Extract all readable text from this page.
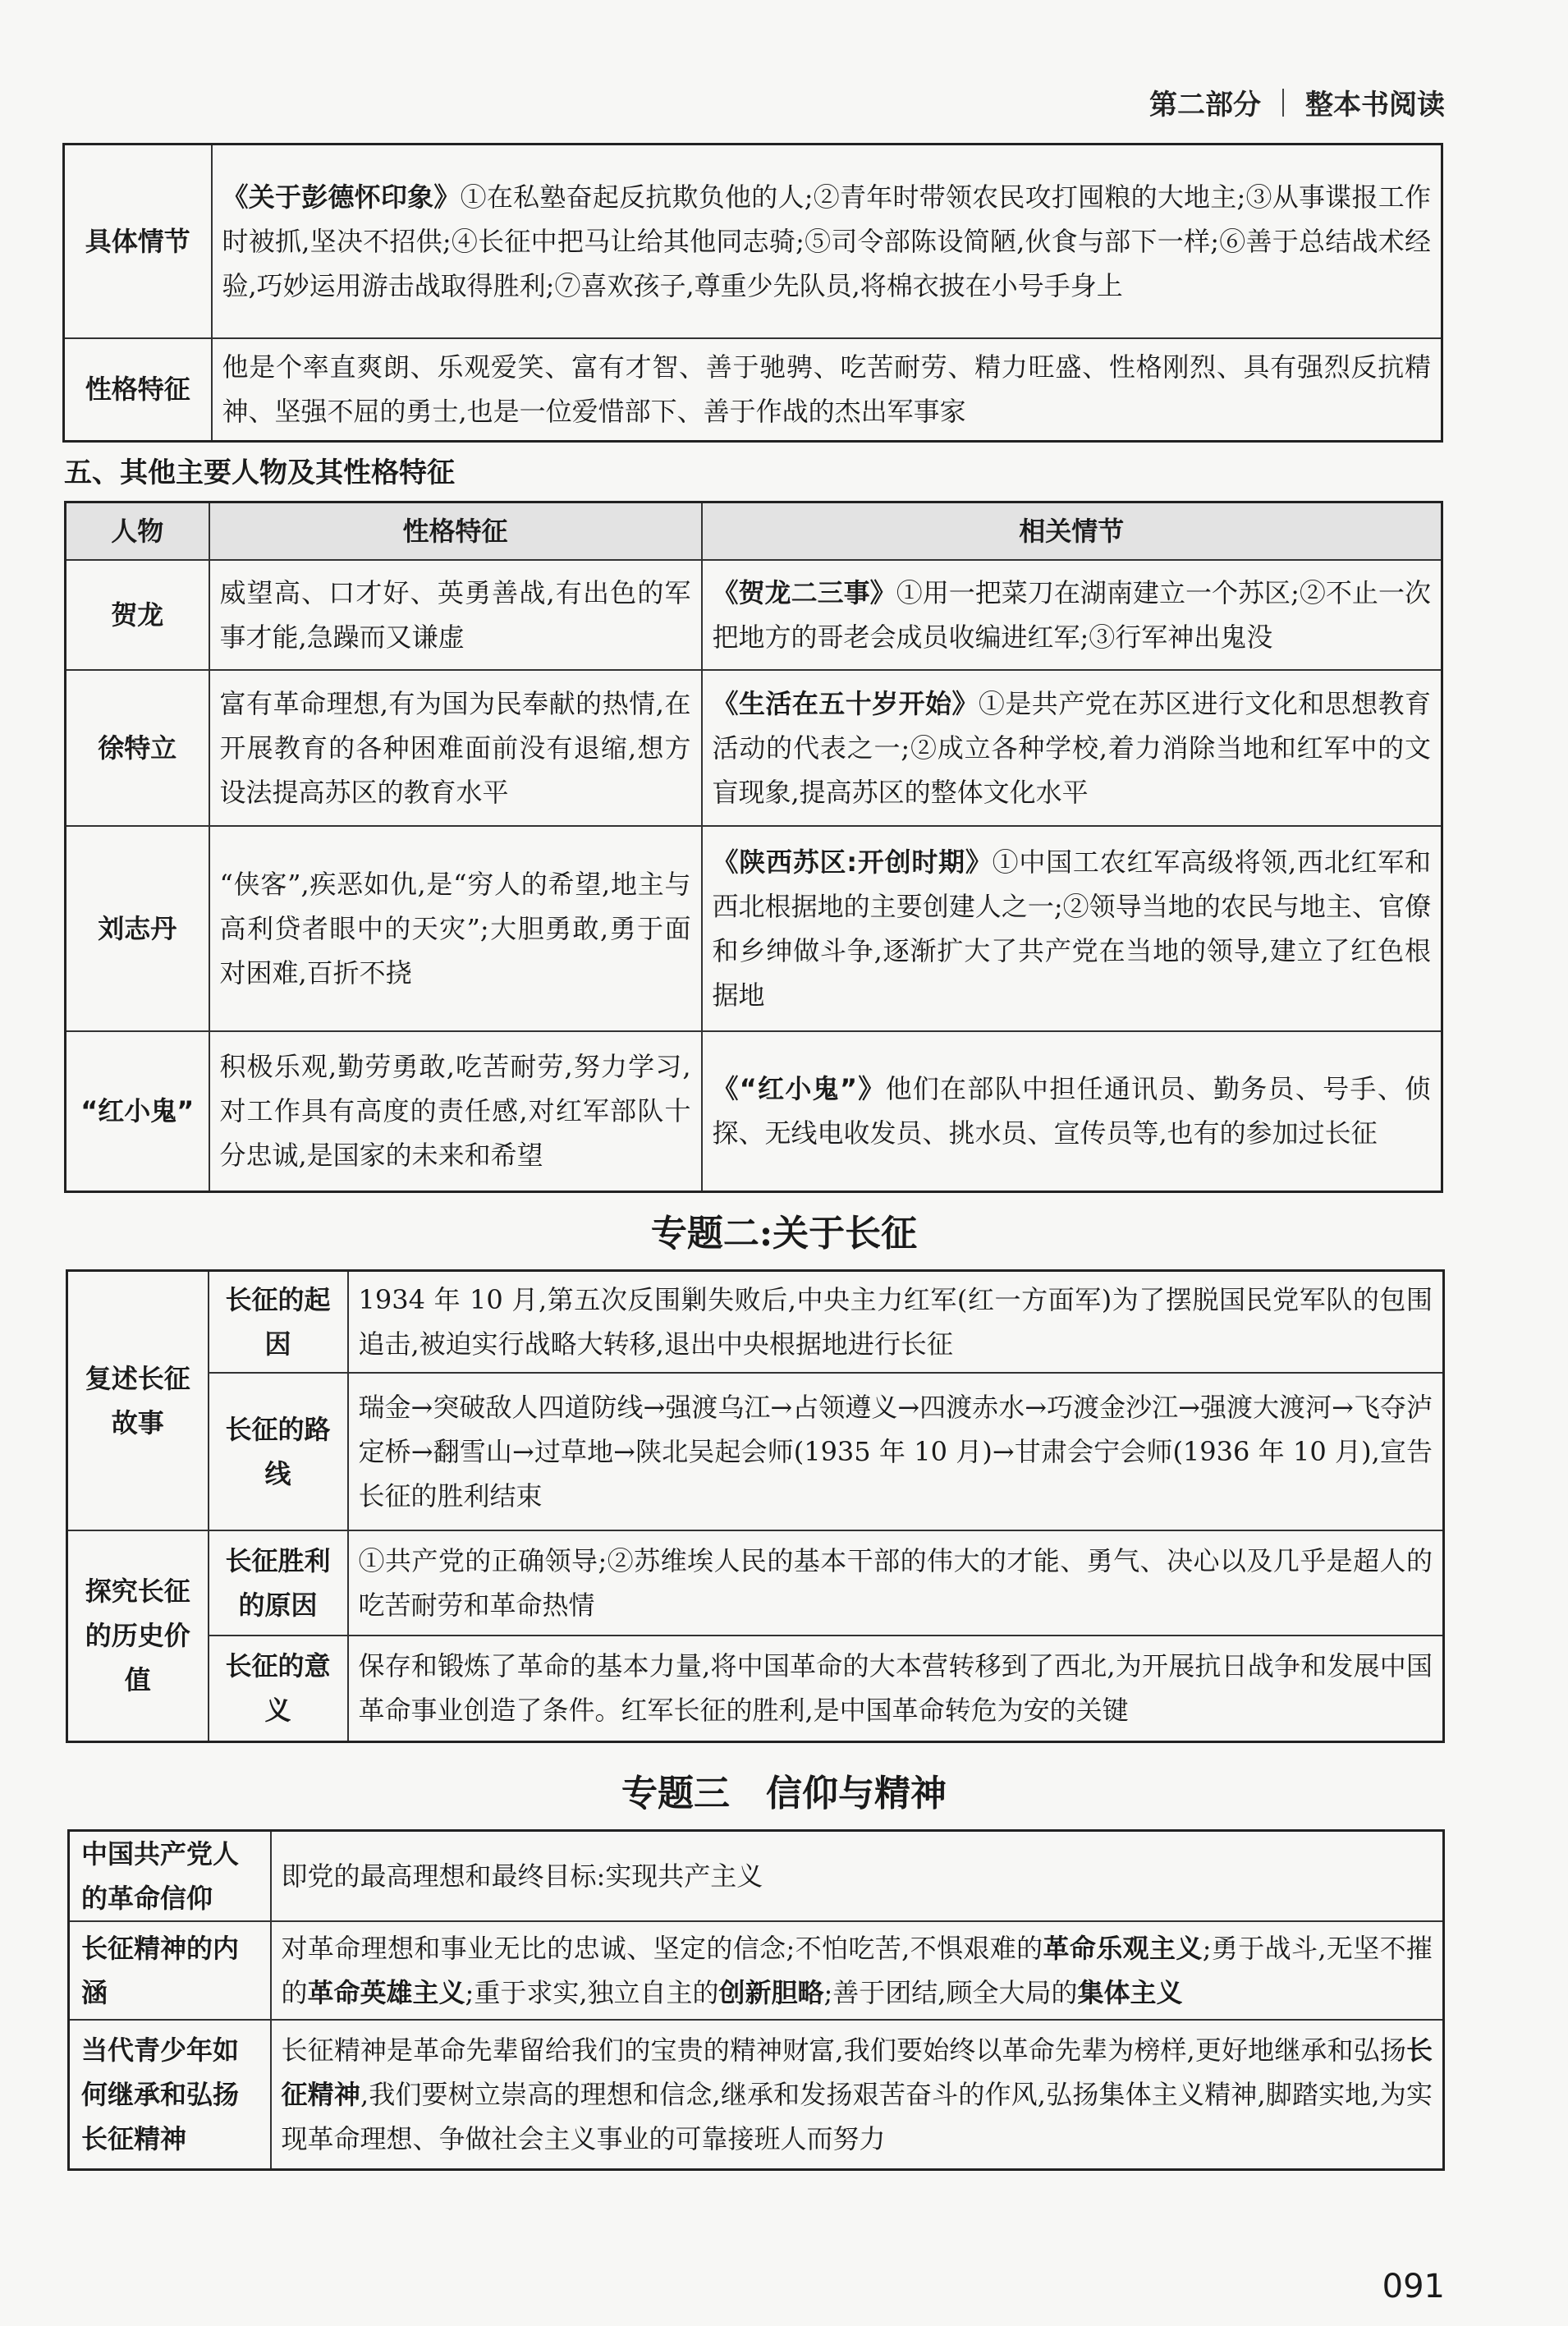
第二部分 整本书阅读
具体情节	《关于彭德怀印象》①在私塾奋起反抗欺负他的人;②青年时带领农民攻打囤粮的大地主;③从事谍报工作时被抓,坚决不招供;④长征中把马让给其他同志骑;⑤司令部陈设简陋,伙食与部下一样;⑥善于总结战术经验,巧妙运用游击战取得胜利;⑦喜欢孩子,尊重少先队员,将棉衣披在小号手身上
性格特征	他是个率直爽朗、乐观爱笑、富有才智、善于驰骋、吃苦耐劳、精力旺盛、性格刚烈、具有强烈反抗精神、坚强不屈的勇士,也是一位爱惜部下、善于作战的杰出军事家
五、其他主要人物及其性格特征
人物	性格特征	相关情节
贺龙	威望高、口才好、英勇善战,有出色的军事才能,急躁而又谦虚	《贺龙二三事》①用一把菜刀在湖南建立一个苏区;②不止一次把地方的哥老会成员收编进红军;③行军神出鬼没
徐特立	富有革命理想,有为国为民奉献的热情,在开展教育的各种困难面前没有退缩,想方设法提高苏区的教育水平	《生活在五十岁开始》①是共产党在苏区进行文化和思想教育活动的代表之一;②成立各种学校,着力消除当地和红军中的文盲现象,提高苏区的整体文化水平
刘志丹	“侠客”,疾恶如仇,是“穷人的希望,地主与高利贷者眼中的天灾”;大胆勇敢,勇于面对困难,百折不挠	《陕西苏区:开创时期》①中国工农红军高级将领,西北红军和西北根据地的主要创建人之一;②领导当地的农民与地主、官僚和乡绅做斗争,逐渐扩大了共产党在当地的领导,建立了红色根据地
“红小鬼”	积极乐观,勤劳勇敢,吃苦耐劳,努力学习,对工作具有高度的责任感,对红军部队十分忠诚,是国家的未来和希望	《“红小鬼”》他们在部队中担任通讯员、勤务员、号手、侦探、无线电收发员、挑水员、宣传员等,也有的参加过长征
专题二:关于长征
复述长征故事	长征的起因	1934 年 10 月,第五次反围剿失败后,中央主力红军(红一方面军)为了摆脱国民党军队的包围追击,被迫实行战略大转移,退出中央根据地进行长征
	长征的路线	瑞金→突破敌人四道防线→强渡乌江→占领遵义→四渡赤水→巧渡金沙江→强渡大渡河→飞夺泸定桥→翻雪山→过草地→陕北吴起会师(1935 年 10 月)→甘肃会宁会师(1936 年 10 月),宣告长征的胜利结束
探究长征的历史价值	长征胜利的原因	①共产党的正确领导;②苏维埃人民的基本干部的伟大的才能、勇气、决心以及几乎是超人的吃苦耐劳和革命热情
	长征的意义	保存和锻炼了革命的基本力量,将中国革命的大本营转移到了西北,为开展抗日战争和发展中国革命事业创造了条件。红军长征的胜利,是中国革命转危为安的关键
专题三　信仰与精神
中国共产党人的革命信仰	即党的最高理想和最终目标:实现共产主义
长征精神的内涵	对革命理想和事业无比的忠诚、坚定的信念;不怕吃苦,不惧艰难的革命乐观主义;勇于战斗,无坚不摧的革命英雄主义;重于求实,独立自主的创新胆略;善于团结,顾全大局的集体主义
当代青少年如何继承和弘扬长征精神	长征精神是革命先辈留给我们的宝贵的精神财富,我们要始终以革命先辈为榜样,更好地继承和弘扬长征精神,我们要树立崇高的理想和信念,继承和发扬艰苦奋斗的作风,弘扬集体主义精神,脚踏实地,为实现革命理想、争做社会主义事业的可靠接班人而努力
091
